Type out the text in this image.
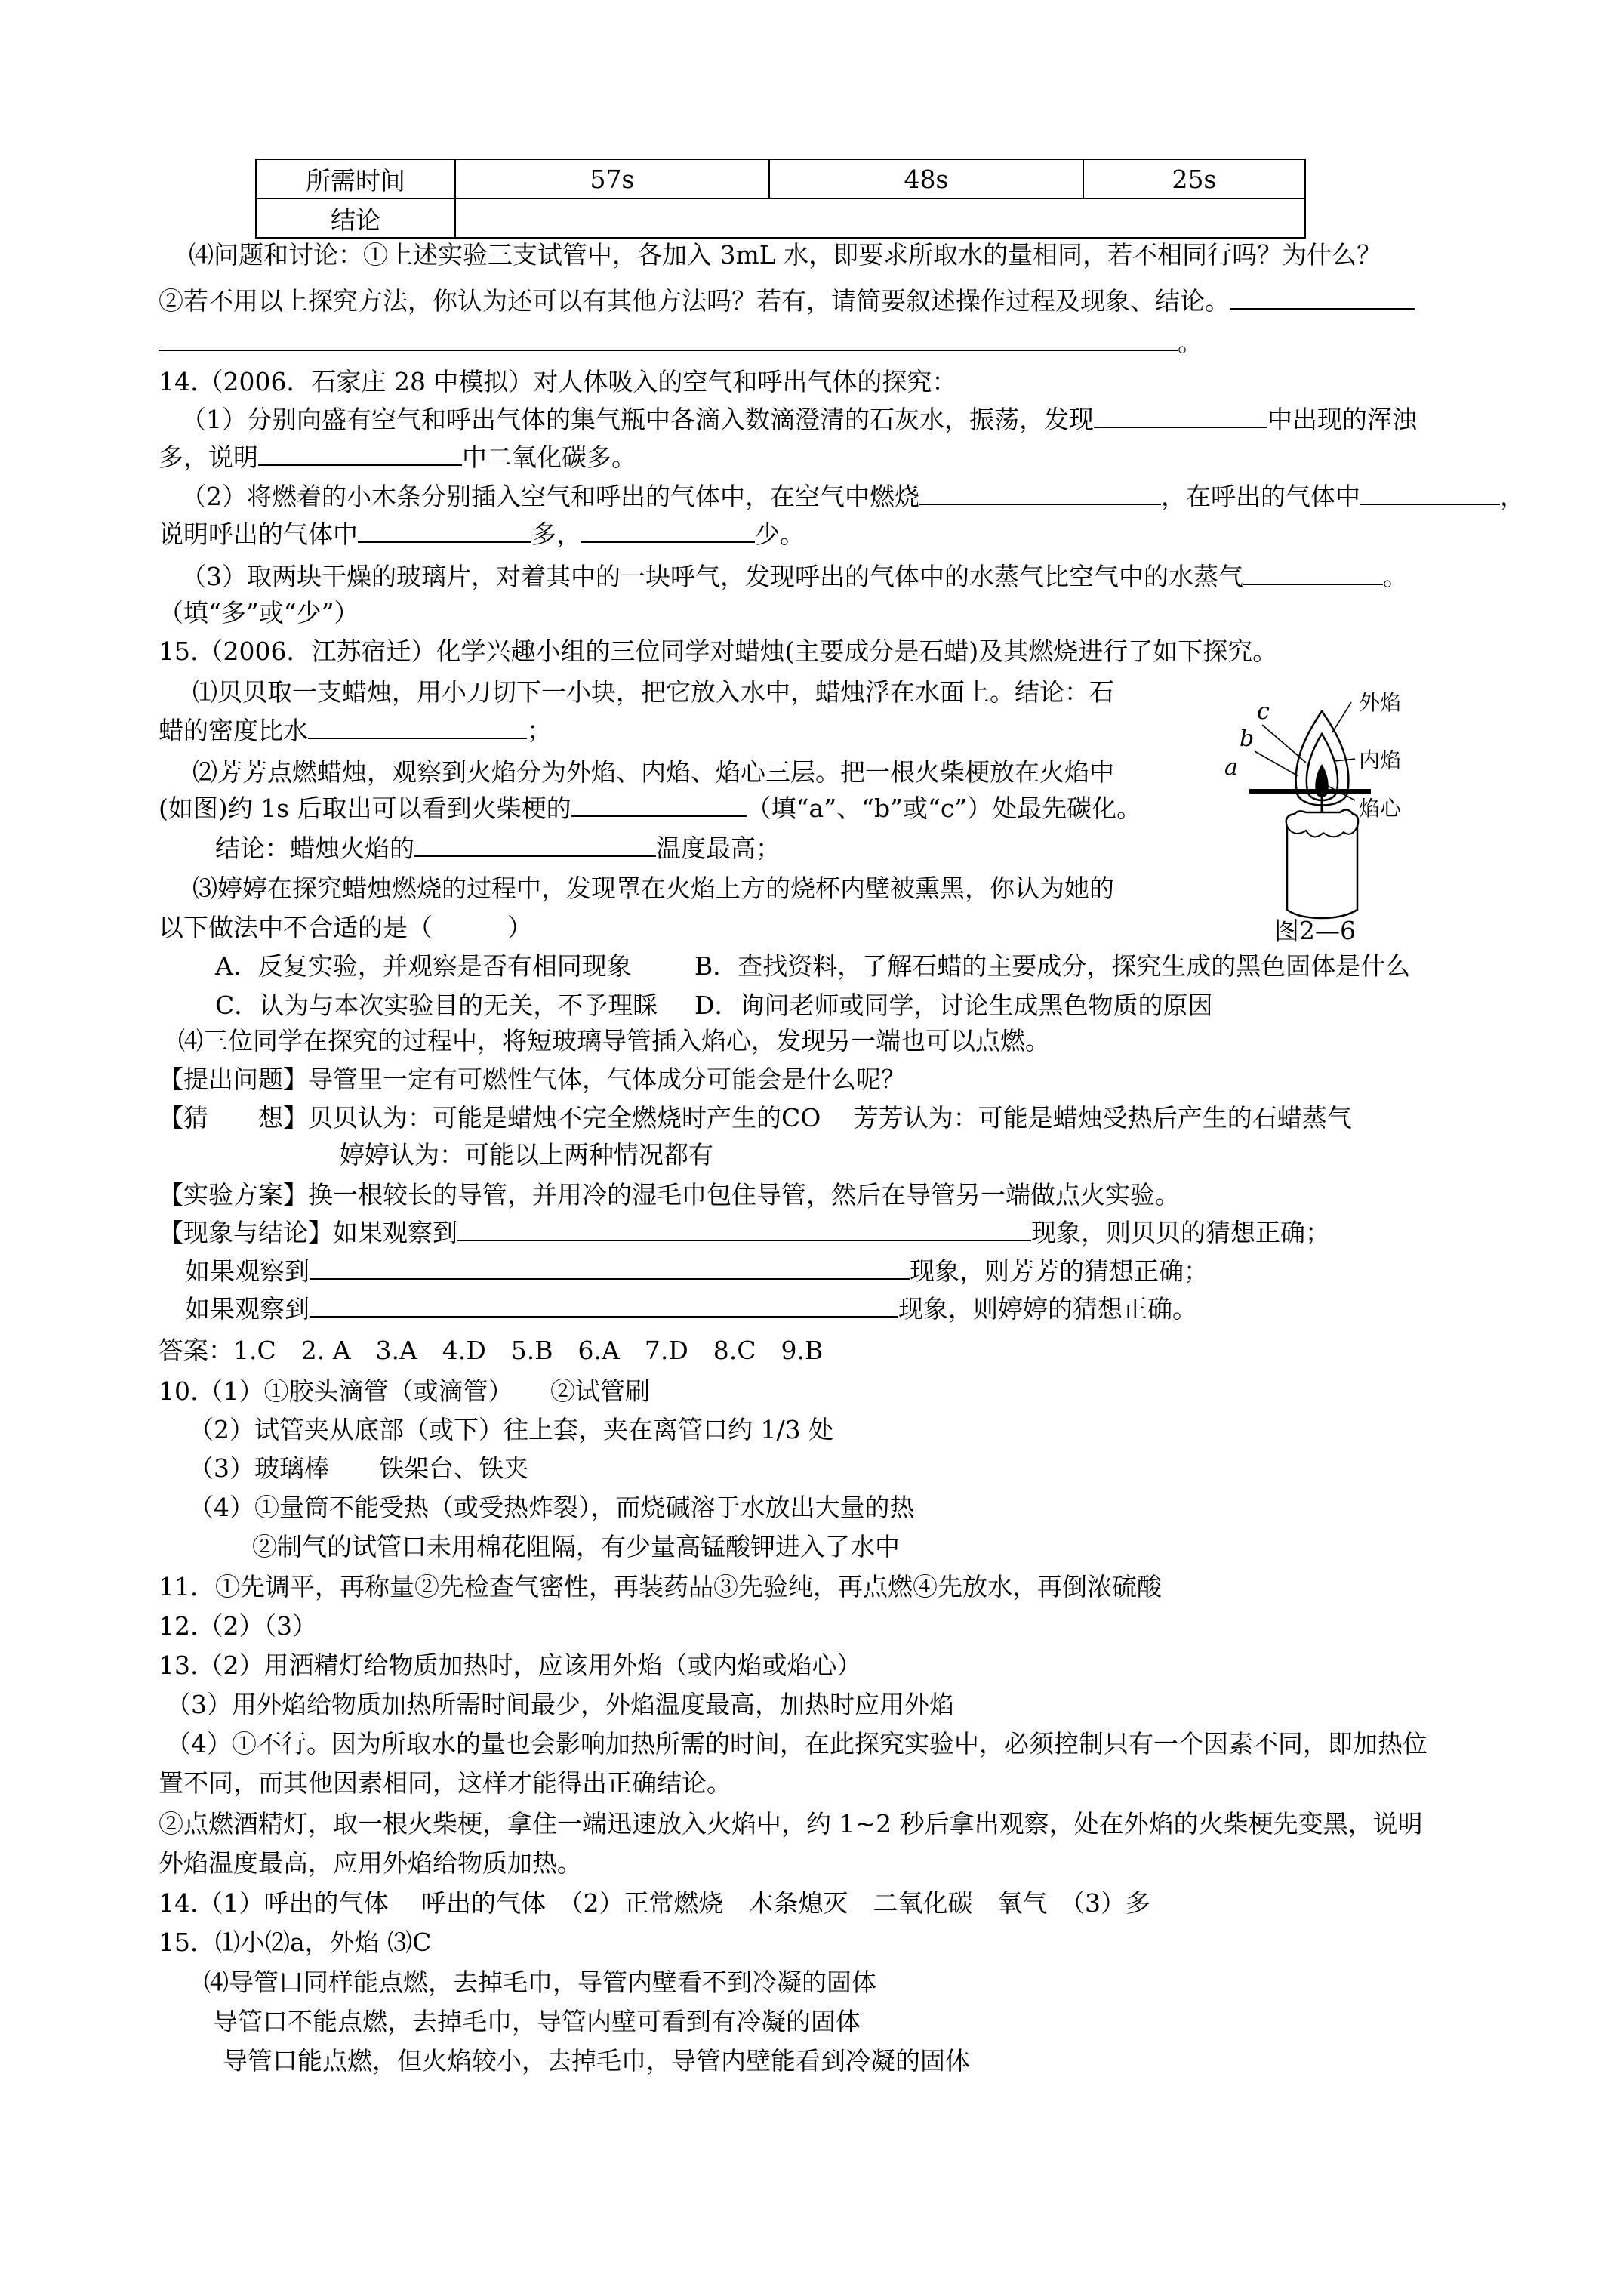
所需时间	57s	48s	25s
结论			
⑷问题和讨论：①上述实验三支试管中，各加入 3mL 水，即要求所取水的量相同，若不相同行吗？为什么？
②若不用以上探究方法，你认为还可以有其他方法吗？若有，请简要叙述操作过程及现象、结论。
。
14.（2006．石家庄 28 中模拟）对人体吸入的空气和呼出气体的探究：
（1）分别向盛有空气和呼出气体的集气瓶中各滴入数滴澄清的石灰水，振荡，发现	中出现的浑浊
多，说明	中二氧化碳多。
（2）将燃着的小木条分别插入空气和呼出的气体中，在空气中燃烧	，在呼出的气体中	，
说明呼出的气体中	多，	少。
（3）取两块干燥的玻璃片，对着其中的一块呼气，发现呼出的气体中的水蒸气比空气中的水蒸气	。
（填“多”或“少”）
15.（2006．江苏宿迁）化学兴趣小组的三位同学对蜡烛(主要成分是石蜡)及其燃烧进行了如下探究。
⑴贝贝取一支蜡烛，用小刀切下一小块，把它放入水中，蜡烛浮在水面上。结论：石
蜡的密度比水	；
⑵芳芳点燃蜡烛，观察到火焰分为外焰、内焰、焰心三层。把一根火柴梗放在火焰中
(如图)约 1s 后取出可以看到火柴梗的	（填“a”、“b”或“c”）处最先碳化。
结论：蜡烛火焰的	温度最高；
⑶婷婷在探究蜡烛燃烧的过程中，发现罩在火焰上方的烧杯内壁被熏黑，你认为她的
以下做法中不合适的是（　　　）
A．反复实验，并观察是否有相同现象	B．查找资料，了解石蜡的主要成分，探究生成的黑色固体是什么
C．认为与本次实验目的无关，不予理睬 D．询问老师或同学，讨论生成黑色物质的原因
⑷三位同学在探究的过程中，将短玻璃导管插入焰心，发现另一端也可以点燃。
【提出问题】导管里一定有可燃性气体，气体成分可能会是什么呢？
【猜　　想】贝贝认为：可能是蜡烛不完全燃烧时产生的CO　 芳芳认为：可能是蜡烛受热后产生的石蜡蒸气
婷婷认为：可能以上两种情况都有
【实验方案】换一根较长的导管，并用冷的湿毛巾包住导管，然后在导管另一端做点火实验。
【现象与结论】如果观察到	现象，则贝贝的猜想正确；
如果观察到	现象，则芳芳的猜想正确；
如果观察到	现象，则婷婷的猜想正确。
外焰
内焰
焰心
c
b
a
图2—6
答案：1.C　2. A　3.A　4.D　5.B　6.A　7.D　8.C　9.B
10.（1）①胶头滴管（或滴管）　　②试管刷
（2）试管夹从底部（或下）往上套，夹在离管口约 1/3 处
（3）玻璃棒　　铁架台、铁夹
（4）①量筒不能受热（或受热炸裂），而烧碱溶于水放出大量的热
②制气的试管口未用棉花阻隔，有少量高锰酸钾进入了水中
11．①先调平，再称量②先检查气密性，再装药品③先验纯，再点燃④先放水，再倒浓硫酸
12.（2）（3）
13.（2）用酒精灯给物质加热时，应该用外焰（或内焰或焰心）
（3）用外焰给物质加热所需时间最少，外焰温度最高，加热时应用外焰
（4）①不行。因为所取水的量也会影响加热所需的时间，在此探究实验中，必须控制只有一个因素不同，即加热位
置不同，而其他因素相同，这样才能得出正确结论。
②点燃酒精灯，取一根火柴梗，拿住一端迅速放入火焰中，约 1~2 秒后拿出观察，处在外焰的火柴梗先变黑，说明
外焰温度最高，应用外焰给物质加热。
14.（1）呼出的气体　 呼出的气体　（2）正常燃烧　木条熄灭　二氧化碳　氧气　（3）多
15．⑴小⑵a，外焰 ⑶C
⑷导管口同样能点燃，去掉毛巾，导管内壁看不到冷凝的固体
导管口不能点燃，去掉毛巾，导管内壁可看到有冷凝的固体
导管口能点燃，但火焰较小，去掉毛巾，导管内壁能看到冷凝的固体
